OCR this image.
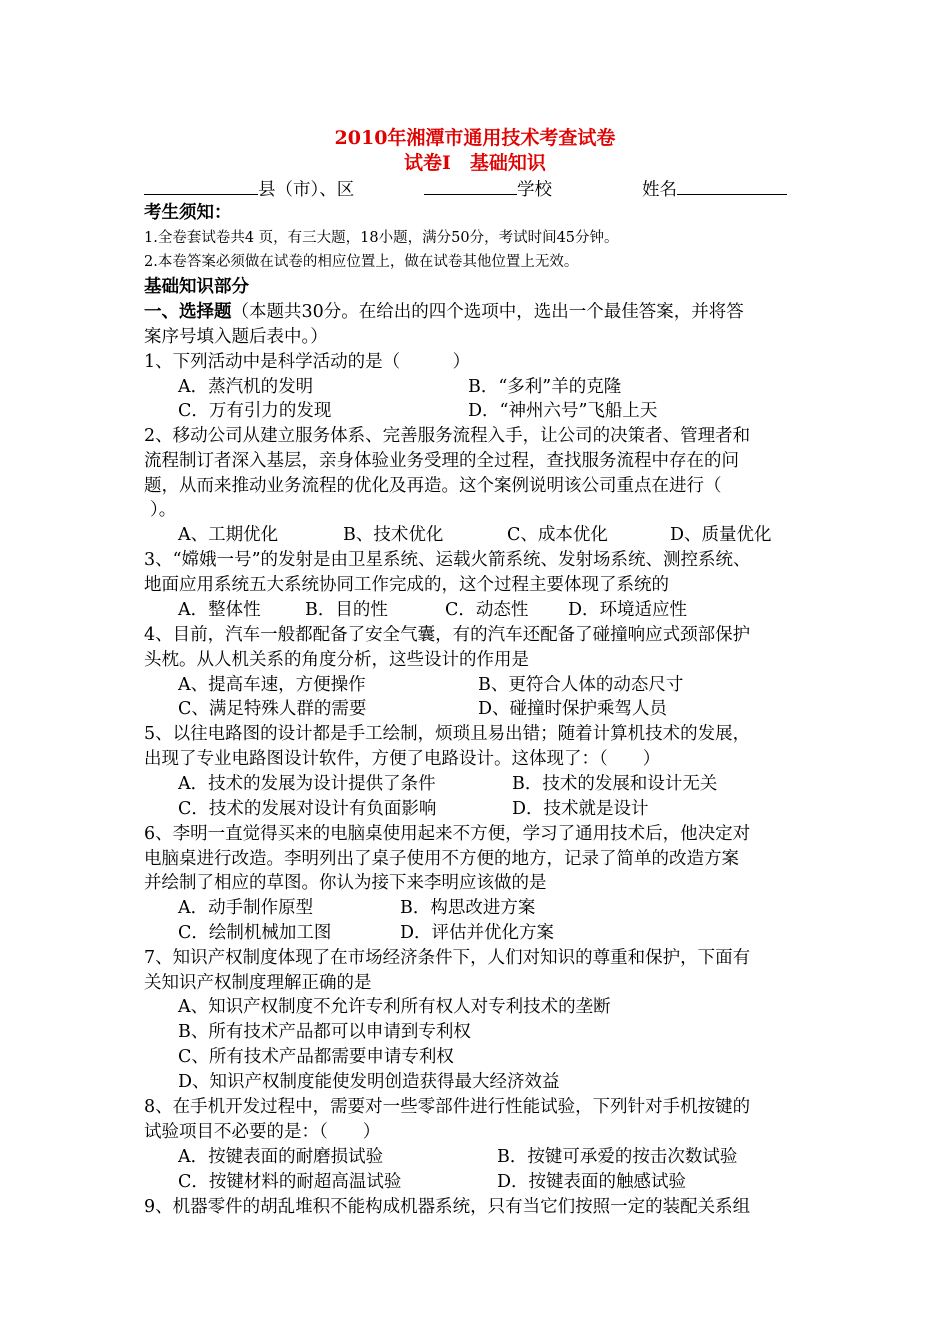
2010年湘潭市通用技术考查试卷
试卷Ⅰ　基础知识
县（市）、区	学校	姓名
考生须知：
1.全卷套试卷共4 页，有三大题，18小题，满分50分，考试时间45分钟。
2.本卷答案必须做在试卷的相应位置上，做在试卷其他位置上无效。
基础知识部分
一、选择题（本题共30分。在给出的四个选项中，选出一个最佳答案，并将答
案序号填入题后表中。）
1、下列活动中是科学活动的是（　　　）
A．蒸汽机的发明	B．“多利”羊的克隆
C．万有引力的发现	D．“神州六号”飞船上天
2、移动公司从建立服务体系、完善服务流程入手，让公司的决策者、管理者和
流程制订者深入基层，亲身体验业务受理的全过程，查找服务流程中存在的问
题，从而来推动业务流程的优化及再造。这个案例说明该公司重点在进行（
）。
A、工期优化	B、技术优化	C、成本优化	D、质量优化
3、“嫦娥一号”的发射是由卫星系统、运载火箭系统、发射场系统、测控系统、
地面应用系统五大系统协同工作完成的，这个过程主要体现了系统的
A．整体性	B．目的性	C．动态性 D．环境适应性
4、目前，汽车一般都配备了安全气囊，有的汽车还配备了碰撞响应式颈部保护
头枕。从人机关系的角度分析，这些设计的作用是
A、提高车速，方便操作	B、更符合人体的动态尺寸
C、满足特殊人群的需要	D、碰撞时保护乘驾人员
5、以往电路图的设计都是手工绘制，烦琐且易出错；随着计算机技术的发展，
出现了专业电路图设计软件，方便了电路设计。这体现了：（　　）
A．技术的发展为设计提供了条件	B．技术的发展和设计无关
C．技术的发展对设计有负面影响	D．技术就是设计
6、李明一直觉得买来的电脑桌使用起来不方便，学习了通用技术后，他决定对
电脑桌进行改造。李明列出了桌子使用不方便的地方，记录了简单的改造方案
并绘制了相应的草图。你认为接下来李明应该做的是
A．动手制作原型	B．构思改进方案
C．绘制机械加工图	D．评估并优化方案
7、知识产权制度体现了在市场经济条件下，人们对知识的尊重和保护，下面有
关知识产权制度理解正确的是
A、知识产权制度不允许专利所有权人对专利技术的垄断
B、所有技术产品都可以申请到专利权
C、所有技术产品都需要申请专利权
D、知识产权制度能使发明创造获得最大经济效益
8、在手机开发过程中，需要对一些零部件进行性能试验，下列针对手机按键的
试验项目不必要的是：（　　）
A．按键表面的耐磨损试验	B．按键可承爱的按击次数试验
C．按键材料的耐超高温试验	D．按键表面的触感试验
9、机器零件的胡乱堆积不能构成机器系统，只有当它们按照一定的装配关系组
